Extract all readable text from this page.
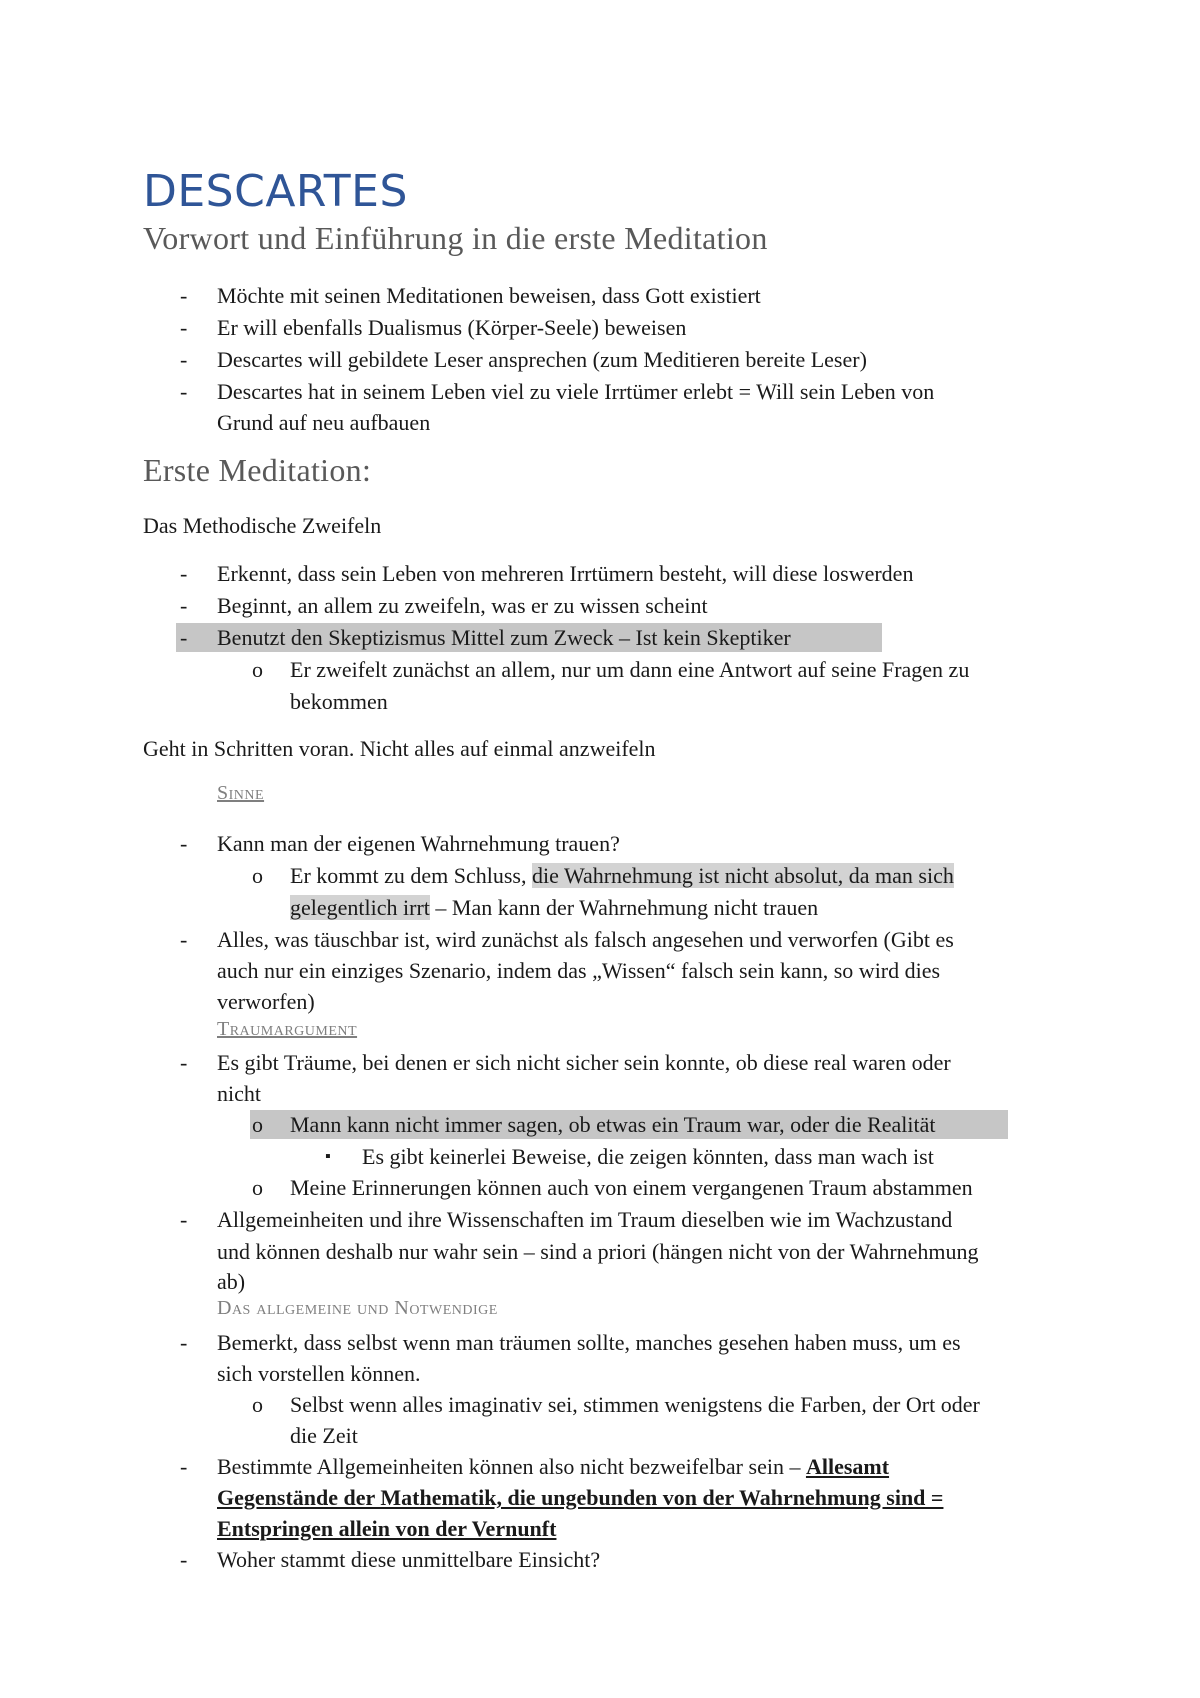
DESCARTES
Vorwort und Einführung in die erste Meditation
- Möchte mit seinen Meditationen beweisen, dass Gott existiert
- Er will ebenfalls Dualismus (Körper-Seele) beweisen
- Descartes will gebildete Leser ansprechen (zum Meditieren bereite Leser)
- Descartes hat in seinem Leben viel zu viele Irrtümer erlebt = Will sein Leben von
Grund auf neu aufbauen
Erste Meditation:
Das Methodische Zweifeln
- Erkennt, dass sein Leben von mehreren Irrtümern besteht, will diese loswerden
- Beginnt, an allem zu zweifeln, was er zu wissen scheint
- Benutzt den Skeptizismus Mittel zum Zweck – Ist kein Skeptiker
o Er zweifelt zunächst an allem, nur um dann eine Antwort auf seine Fragen zu
bekommen
Geht in Schritten voran. Nicht alles auf einmal anzweifeln
Sinne
- Kann man der eigenen Wahrnehmung trauen?
o Er kommt zu dem Schluss, die Wahrnehmung ist nicht absolut, da man sich
gelegentlich irrt – Man kann der Wahrnehmung nicht trauen
- Alles, was täuschbar ist, wird zunächst als falsch angesehen und verworfen (Gibt es
auch nur ein einziges Szenario, indem das „Wissen“ falsch sein kann, so wird dies
verworfen)
Traumargument
- Es gibt Träume, bei denen er sich nicht sicher sein konnte, ob diese real waren oder
nicht
o Mann kann nicht immer sagen, ob etwas ein Traum war, oder die Realität
▪ Es gibt keinerlei Beweise, die zeigen könnten, dass man wach ist
o Meine Erinnerungen können auch von einem vergangenen Traum abstammen
- Allgemeinheiten und ihre Wissenschaften im Traum dieselben wie im Wachzustand
und können deshalb nur wahr sein – sind a priori (hängen nicht von der Wahrnehmung
ab)
Das allgemeine und Notwendige
- Bemerkt, dass selbst wenn man träumen sollte, manches gesehen haben muss, um es
sich vorstellen können.
o Selbst wenn alles imaginativ sei, stimmen wenigstens die Farben, der Ort oder
die Zeit
- Bestimmte Allgemeinheiten können also nicht bezweifelbar sein – Allesamt
Gegenstände der Mathematik, die ungebunden von der Wahrnehmung sind =
Entspringen allein von der Vernunft
- Woher stammt diese unmittelbare Einsicht?
